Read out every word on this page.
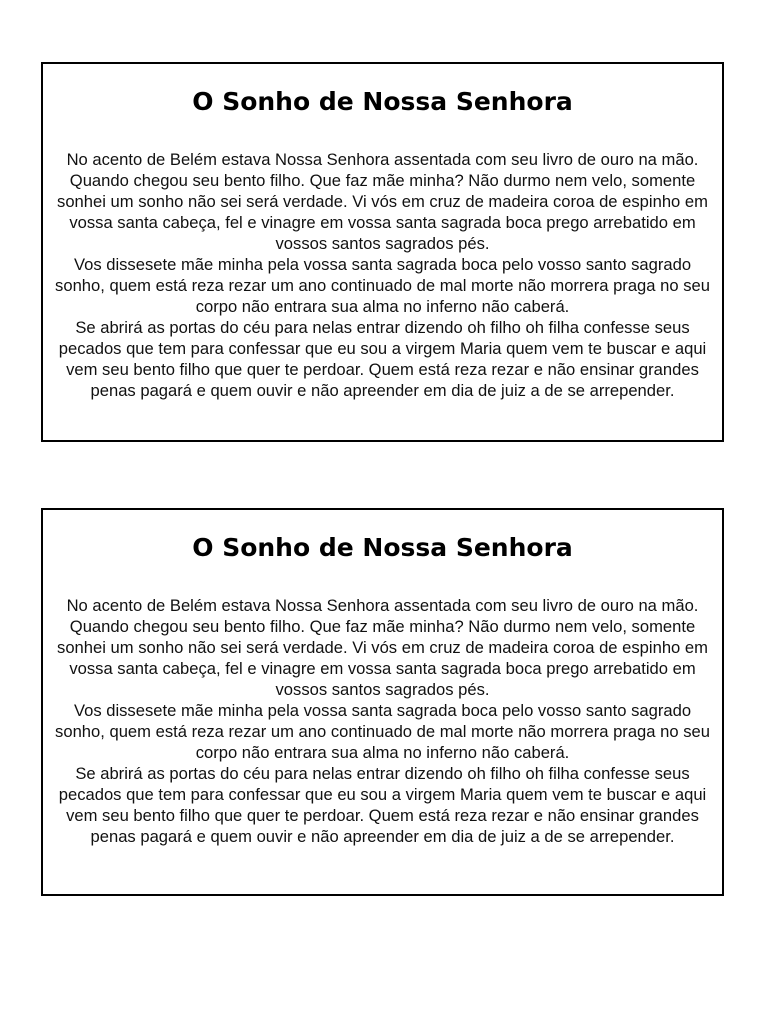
O Sonho de Nossa Senhora

No acento de Belém estava Nossa Senhora assentada com seu livro de ouro na mão. Quando chegou seu bento filho. Que faz mãe minha? Não durmo nem velo, somente sonhei um sonho não sei será verdade. Vi vós em cruz de madeira coroa de espinho em vossa santa cabeça, fel e vinagre em vossa santa sagrada boca prego arrebatido em vossos santos sagrados pés.

Vos dissesete mãe minha pela vossa santa sagrada boca pelo vosso santo sagrado sonho, quem está reza rezar um ano continuado de mal morte não morrera praga no seu corpo não entrara sua alma no inferno não caberá.

Se abrirá as portas do céu para nelas entrar dizendo oh filho oh filha confesse seus pecados que tem para confessar que eu sou a virgem Maria quem vem te buscar e aqui vem seu bento filho que quer te perdoar. Quem está reza rezar e não ensinar grandes penas pagará e quem ouvir e não apreender em dia de juiz a de se arrepender.

O Sonho de Nossa Senhora

No acento de Belém estava Nossa Senhora assentada com seu livro de ouro na mão. Quando chegou seu bento filho. Que faz mãe minha? Não durmo nem velo, somente sonhei um sonho não sei será verdade. Vi vós em cruz de madeira coroa de espinho em vossa santa cabeça, fel e vinagre em vossa santa sagrada boca prego arrebatido em vossos santos sagrados pés.

Vos dissesete mãe minha pela vossa santa sagrada boca pelo vosso santo sagrado sonho, quem está reza rezar um ano continuado de mal morte não morrera praga no seu corpo não entrara sua alma no inferno não caberá.

Se abrirá as portas do céu para nelas entrar dizendo oh filho oh filha confesse seus pecados que tem para confessar que eu sou a virgem Maria quem vem te buscar e aqui vem seu bento filho que quer te perdoar. Quem está reza rezar e não ensinar grandes penas pagará e quem ouvir e não apreender em dia de juiz a de se arrepender.
